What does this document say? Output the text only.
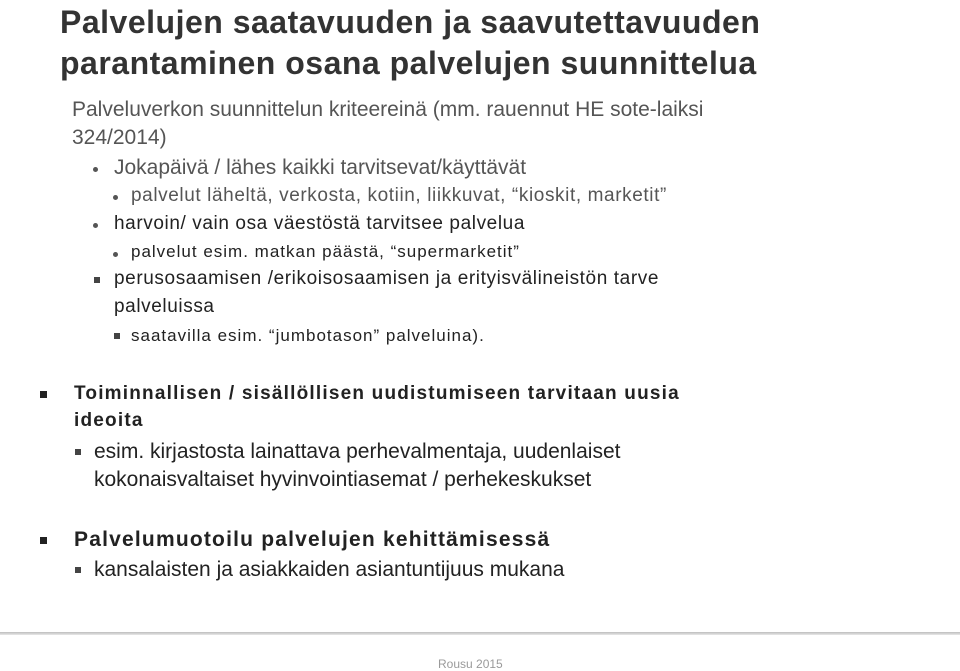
Palvelujen saatavuuden ja saavutettavuuden
parantaminen osana palvelujen suunnittelua
Palveluverkon suunnittelun kriteereinä (mm. rauennut HE sote-laiksi
324/2014)
Jokapäivä / lähes kaikki tarvitsevat/käyttävät
palvelut läheltä, verkosta, kotiin, liikkuvat, “kioskit, marketit”
harvoin/ vain osa väestöstä tarvitsee palvelua
palvelut esim. matkan päästä, “supermarketit”
perusosaamisen /erikoisosaamisen ja erityisvälineistön tarve
palveluissa
saatavilla esim. “jumbotason” palveluina).
Toiminnallisen / sisällöllisen uudistumiseen tarvitaan uusia
ideoita
esim. kirjastosta lainattava perhevalmentaja, uudenlaiset
kokonaisvaltaiset hyvinvointiasemat / perhekeskukset
Palvelumuotoilu palvelujen kehittämisessä
kansalaisten ja asiakkaiden asiantuntijuus mukana
Rousu 2015
